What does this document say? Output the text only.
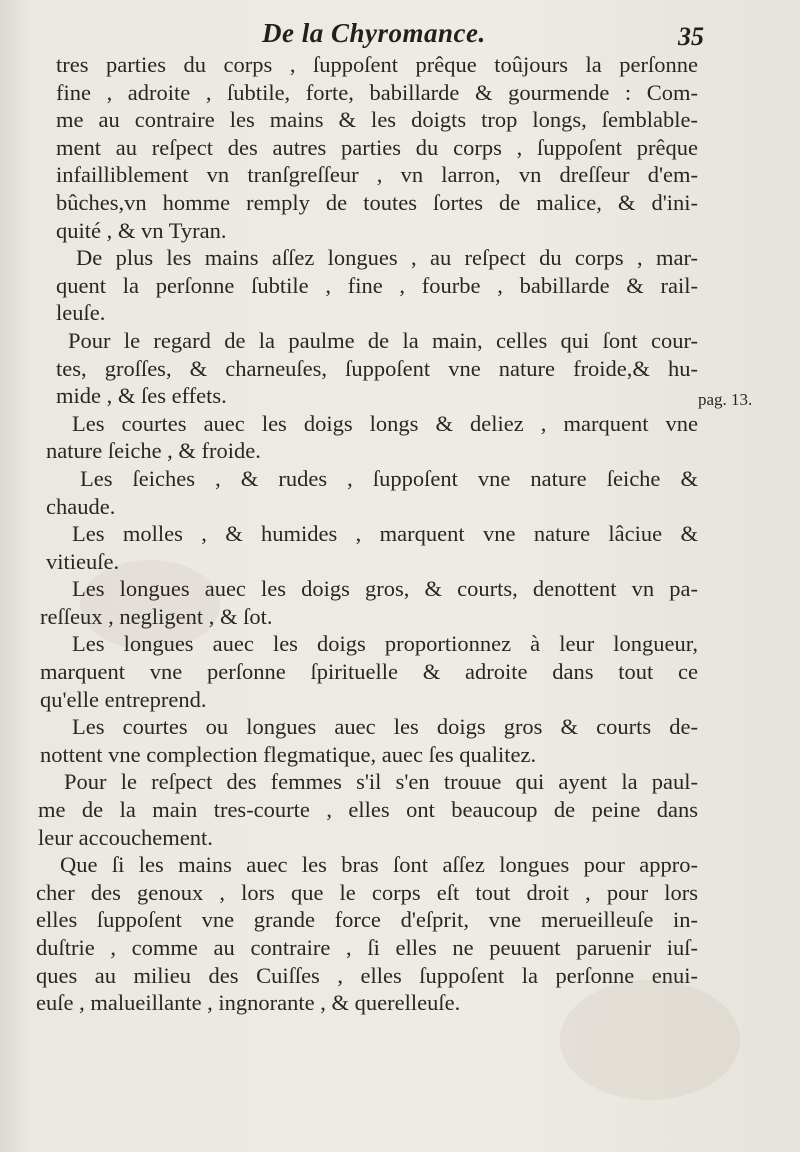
De la Chyromance.	35
pag. 13.
tres parties du corps , ſuppoſent prêque toûjours la perſonne
fine , adroite , ſubtile, forte, babillarde & gourmende : Com-
me au contraire les mains & les doigts trop longs, ſemblable-
ment au reſpect des autres parties du corps , ſuppoſent prêque
infailliblement vn tranſgreſſeur , vn larron, vn dreſſeur d'em-
bûches,vn homme remply de toutes ſortes de malice, & d'ini-
quité , & vn Tyran.
De plus les mains aſſez longues , au reſpect du corps , mar-
quent la perſonne ſubtile , fine , fourbe , babillarde & rail-
leuſe.
Pour le regard de la paulme de la main, celles qui ſont cour-
tes, groſſes, & charneuſes, ſuppoſent vne nature froide,& hu-
mide , & ſes effets.
Les courtes auec les doigs longs & deliez , marquent vne
nature ſeiche , & froide.
Les ſeiches , & rudes , ſuppoſent vne nature ſeiche &
chaude.
Les molles , & humides , marquent vne nature lâciue &
vitieuſe.
Les longues auec les doigs gros, & courts, denottent vn pa-
reſſeux , negligent , & ſot.
Les longues auec les doigs proportionnez à leur longueur,
marquent vne perſonne ſpirituelle & adroite dans tout ce
qu'elle entreprend.
Les courtes ou longues auec les doigs gros & courts de-
nottent vne complection flegmatique, auec ſes qualitez.
Pour le reſpect des femmes s'il s'en trouue qui ayent la paul-
me de la main tres-courte , elles ont beaucoup de peine dans
leur accouchement.
Que ſi les mains auec les bras ſont aſſez longues pour appro-
cher des genoux , lors que le corps eſt tout droit , pour lors
elles ſuppoſent vne grande force d'eſprit, vne merueilleuſe in-
duſtrie , comme au contraire , ſi elles ne peuuent paruenir iuſ-
ques au milieu des Cuiſſes , elles ſuppoſent la perſonne enui-
euſe , malueillante , ingnorante , & querelleuſe.
